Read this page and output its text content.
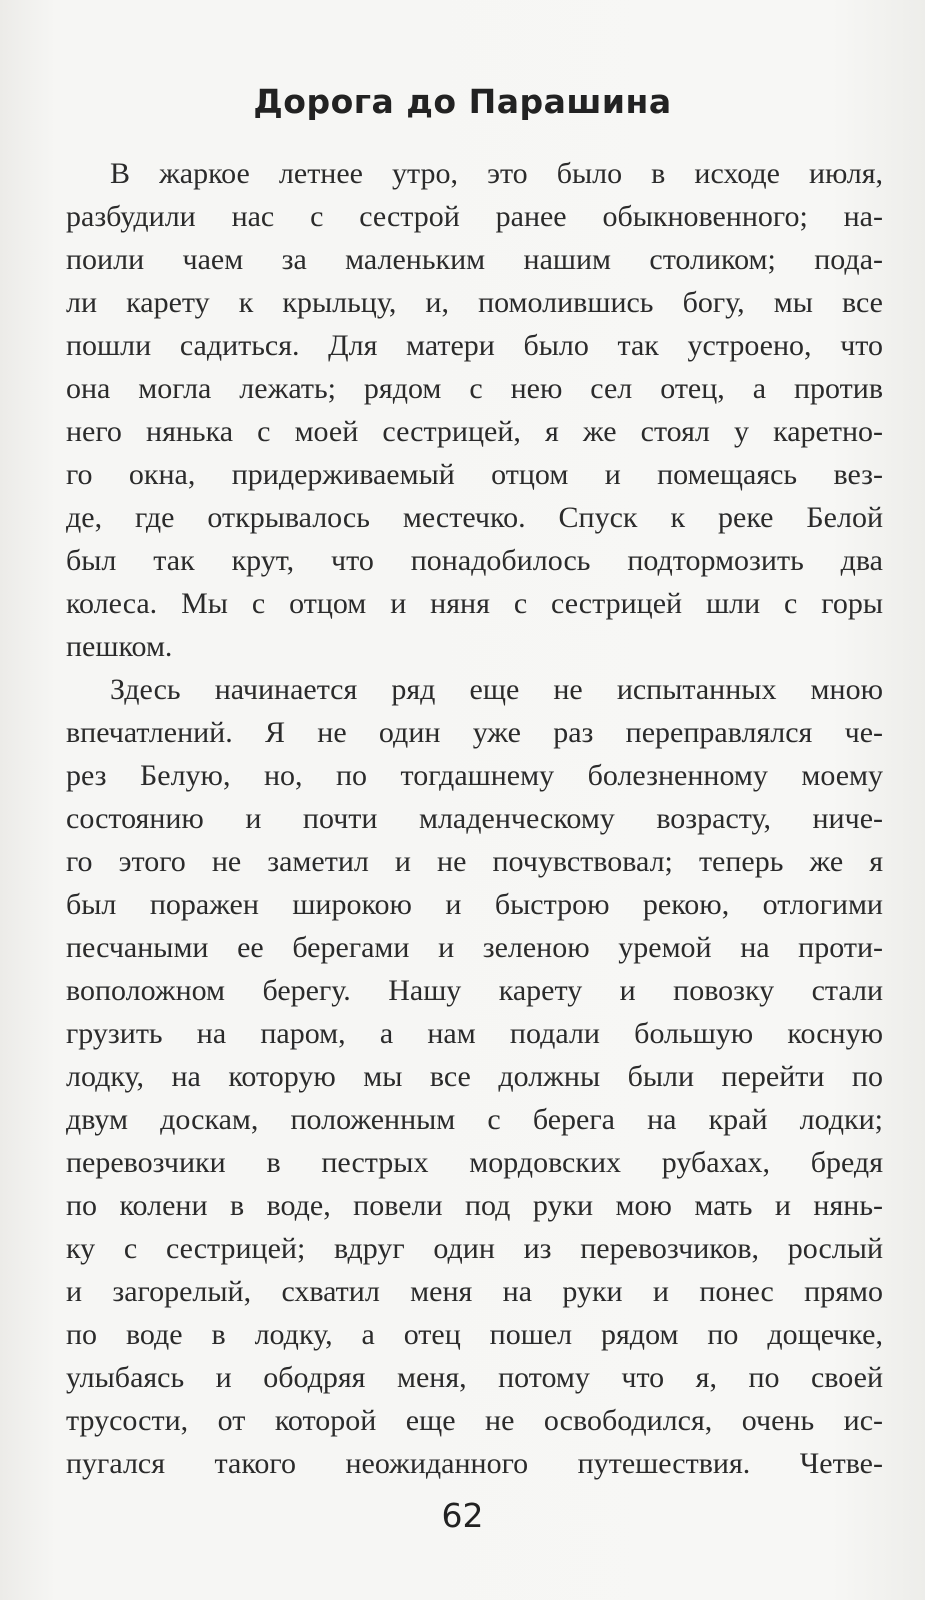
Дорога до Парашина
В жаркое летнее утро, это было в исходе июля,
разбудили нас с сестрой ранее обыкновенного; на-
поили чаем за маленьким нашим столиком; пода-
ли карету к крыльцу, и, помолившись богу, мы все
пошли садиться. Для матери было так устроено, что
она могла лежать; рядом с нею сел отец, а против
него нянька с моей сестрицей, я же стоял у каретно-
го окна, придерживаемый отцом и помещаясь вез-
де, где открывалось местечко. Спуск к реке Белой
был так крут, что понадобилось подтормозить два
колеса. Мы с отцом и няня с сестрицей шли с горы
пешком.
Здесь начинается ряд еще не испытанных мною
впечатлений. Я не один уже раз переправлялся че-
рез Белую, но, по тогдашнему болезненному моему
состоянию и почти младенческому возрасту, ниче-
го этого не заметил и не почувствовал; теперь же я
был поражен широкою и быстрою рекою, отлогими
песчаными ее берегами и зеленою уремой на проти-
воположном берегу. Нашу карету и повозку стали
грузить на паром, а нам подали большую косную
лодку, на которую мы все должны были перейти по
двум доскам, положенным с берега на край лодки;
перевозчики в пестрых мордовских рубахах, бредя
по колени в воде, повели под руки мою мать и нянь-
ку с сестрицей; вдруг один из перевозчиков, рослый
и загорелый, схватил меня на руки и понес прямо
по воде в лодку, а отец пошел рядом по дощечке,
улыбаясь и ободряя меня, потому что я, по своей
трусости, от которой еще не освободился, очень ис-
пугался такого неожиданного путешествия. Четве-
62
